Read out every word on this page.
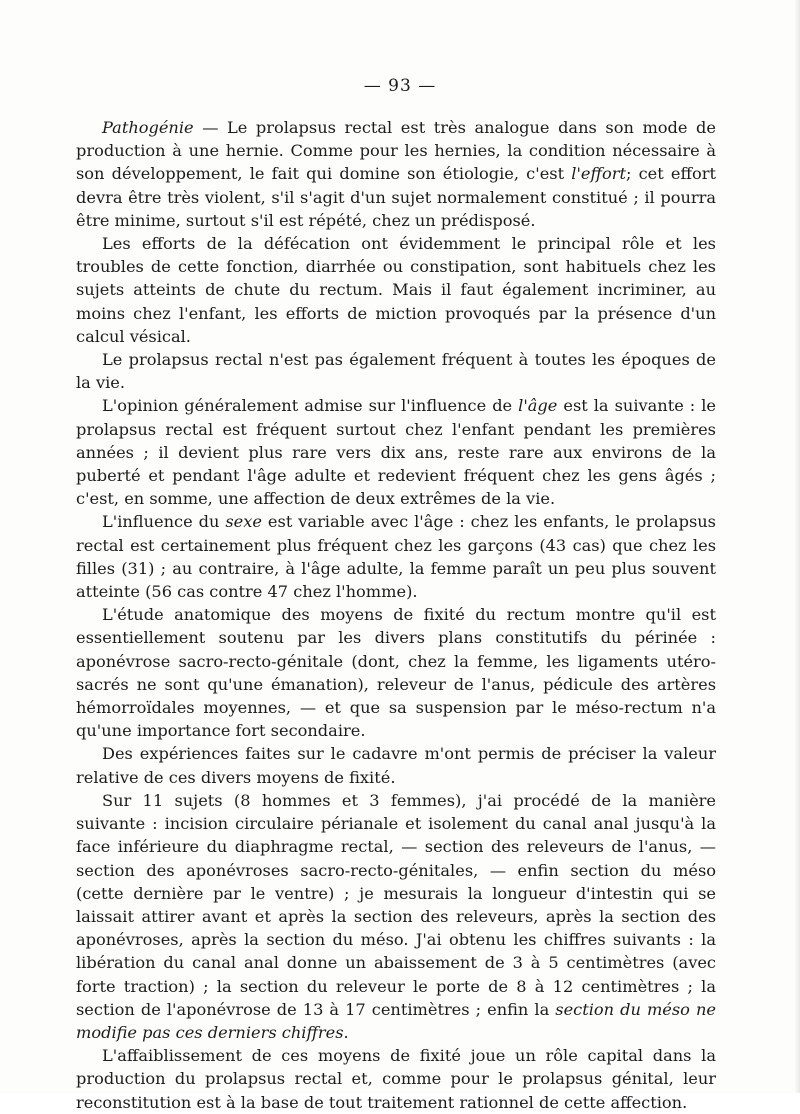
— 93 —

Pathogénie — Le prolapsus rectal est très analogue dans son mode de production à une hernie. Comme pour les hernies, la condition nécessaire à son développement, le fait qui domine son étiologie, c'est l'effort; cet effort devra être très violent, s'il s'agit d'un sujet normalement constitué ; il pourra être minime, surtout s'il est répété, chez un prédisposé.

Les efforts de la défécation ont évidemment le principal rôle et les troubles de cette fonction, diarrhée ou constipation, sont habituels chez les sujets atteints de chute du rectum. Mais il faut également incriminer, au moins chez l'enfant, les efforts de miction provoqués par la présence d'un calcul vésical.

Le prolapsus rectal n'est pas également fréquent à toutes les époques de la vie.

L'opinion généralement admise sur l'influence de l'âge est la suivante : le prolapsus rectal est fréquent surtout chez l'enfant pendant les premières années ; il devient plus rare vers dix ans, reste rare aux environs de la puberté et pendant l'âge adulte et redevient fréquent chez les gens âgés ; c'est, en somme, une affection de deux extrêmes de la vie.

L'influence du sexe est variable avec l'âge : chez les enfants, le prolapsus rectal est certainement plus fréquent chez les garçons (43 cas) que chez les filles (31) ; au contraire, à l'âge adulte, la femme paraît un peu plus souvent atteinte (56 cas contre 47 chez l'homme).

L'étude anatomique des moyens de fixité du rectum montre qu'il est essentiellement soutenu par les divers plans constitutifs du périnée : aponévrose sacro-recto-génitale (dont, chez la femme, les ligaments utéro-sacrés ne sont qu'une émanation), releveur de l'anus, pédicule des artères hémorroïdales moyennes, — et que sa suspension par le méso-rectum n'a qu'une importance fort secondaire.

Des expériences faites sur le cadavre m'ont permis de préciser la valeur relative de ces divers moyens de fixité.

Sur 11 sujets (8 hommes et 3 femmes), j'ai procédé de la manière suivante : incision circulaire périanale et isolement du canal anal jusqu'à la face inférieure du diaphragme rectal, — section des releveurs de l'anus, — section des aponévroses sacro-recto-génitales, — enfin section du méso (cette dernière par le ventre) ; je mesurais la longueur d'intestin qui se laissait attirer avant et après la section des releveurs, après la section des aponévroses, après la section du méso. J'ai obtenu les chiffres suivants : la libération du canal anal donne un abaissement de 3 à 5 centimètres (avec forte traction) ; la section du releveur le porte de 8 à 12 centimètres ; la section de l'aponévrose de 13 à 17 centimètres ; enfin la section du méso ne modifie pas ces derniers chiffres.

L'affaiblissement de ces moyens de fixité joue un rôle capital dans la production du prolapsus rectal et, comme pour le prolapsus génital, leur reconstitution est à la base de tout traitement rationnel de cette affection.
